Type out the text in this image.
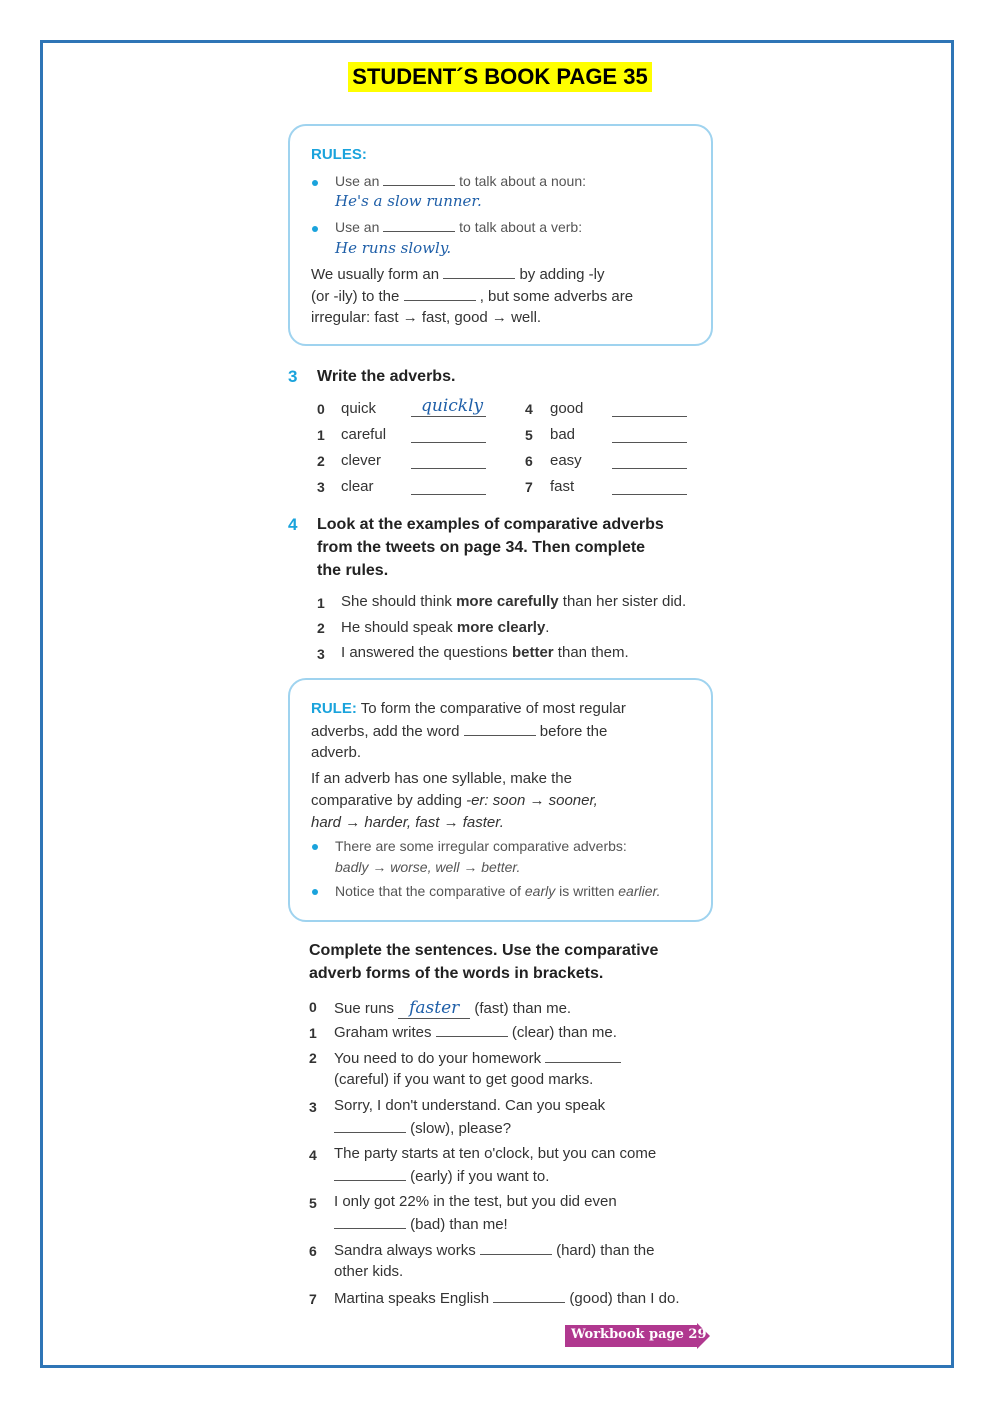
STUDENT´S BOOK PAGE 35
RULES:
Use an	to talk about a noun:
He's a slow runner.
Use an	to talk about a verb:
He runs slowly.
We usually form an	by adding -ly
(or -ily) to the	, but some adverbs are
irregular: fast → fast, good → well.
3 Write the adverbs.
0 quick	quickly
1 careful
2 clever
3 clear
4 good
5 bad
6 easy
7 fast
4 Look at the examples of comparative adverbs
from the tweets on page 34. Then complete
the rules.
1 She should think more carefully than her sister did.
2 He should speak more clearly.
3 I answered the questions better than them.
RULE: To form the comparative of most regular
adverbs, add the word	before the
adverb.
If an adverb has one syllable, make the
comparative by adding -er: soon → sooner,
hard → harder, fast → faster.
There are some irregular comparative adverbs:
badly → worse, well → better.
Notice that the comparative of early is written earlier.
Complete the sentences. Use the comparative
adverb forms of the words in brackets.
0 Sue runs faster (fast) than me.
1 Graham writes	(clear) than me.
2 You need to do your homework
(careful) if you want to get good marks.
3 Sorry, I don't understand. Can you speak
(slow), please?
4 The party starts at ten o'clock, but you can come
(early) if you want to.
5 I only got 22% in the test, but you did even
(bad) than me!
6 Sandra always works	(hard) than the
other kids.
7 Martina speaks English	(good) than I do.
Workbook page 29
